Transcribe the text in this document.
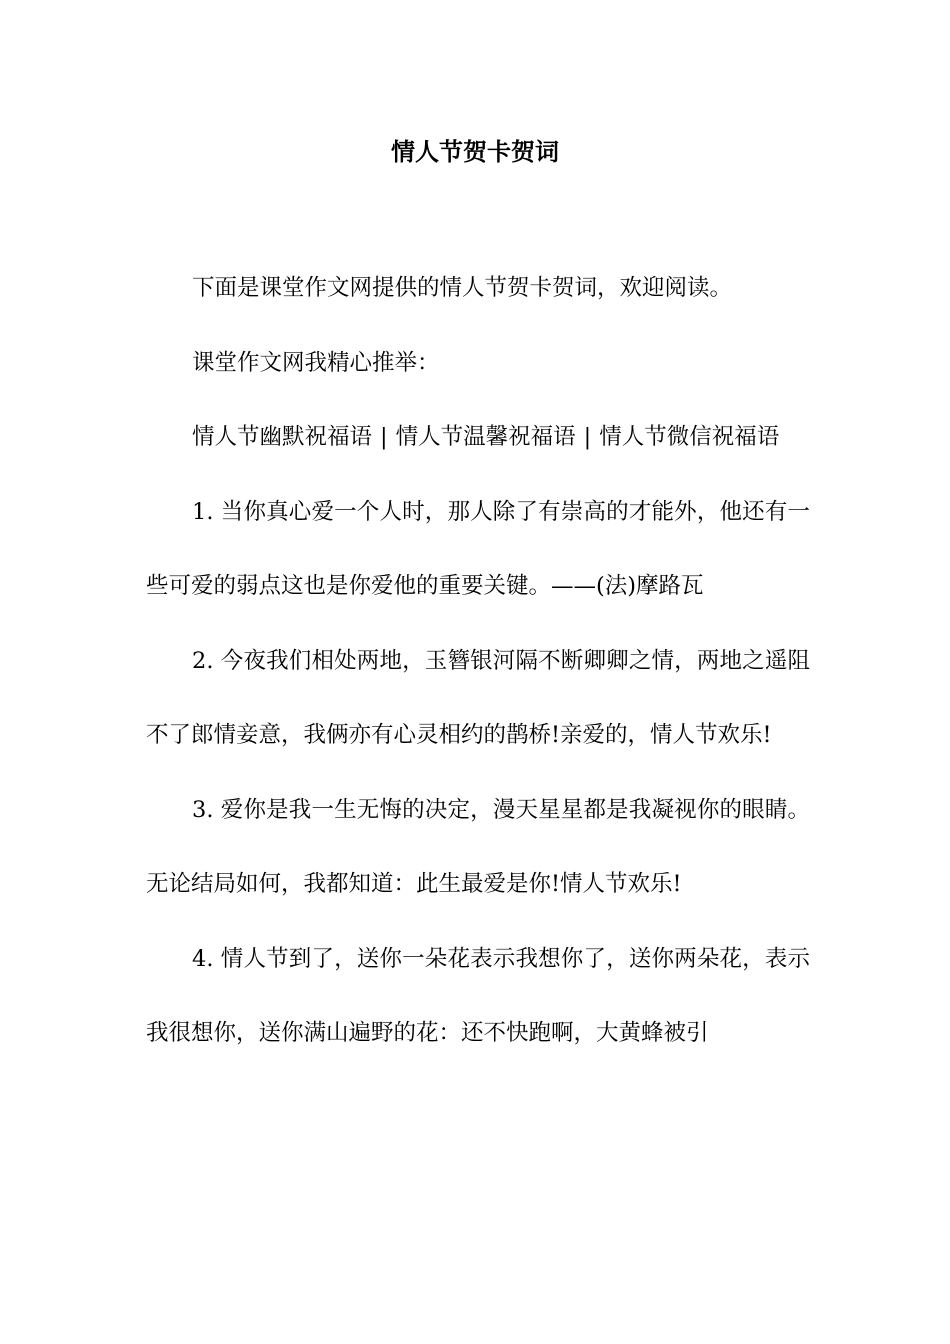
情人节贺卡贺词

下面是课堂作文网提供的情人节贺卡贺词，欢迎阅读。

课堂作文网我精心推举：

情人节幽默祝福语 | 情人节温馨祝福语 | 情人节微信祝福语

1. 当你真心爱一个人时，那人除了有崇高的才能外，他还有一些可爱的弱点这也是你爱他的重要关键。——(法)摩路瓦

2. 今夜我们相处两地，玉簪银河隔不断卿卿之情，两地之遥阻不了郎情妾意，我俩亦有心灵相约的鹊桥!亲爱的，情人节欢乐!

3. 爱你是我一生无悔的决定，漫天星星都是我凝视你的眼睛。无论结局如何，我都知道：此生最爱是你!情人节欢乐!

4. 情人节到了，送你一朵花表示我想你了，送你两朵花，表示我很想你，送你满山遍野的花：还不快跑啊，大黄蜂被引
